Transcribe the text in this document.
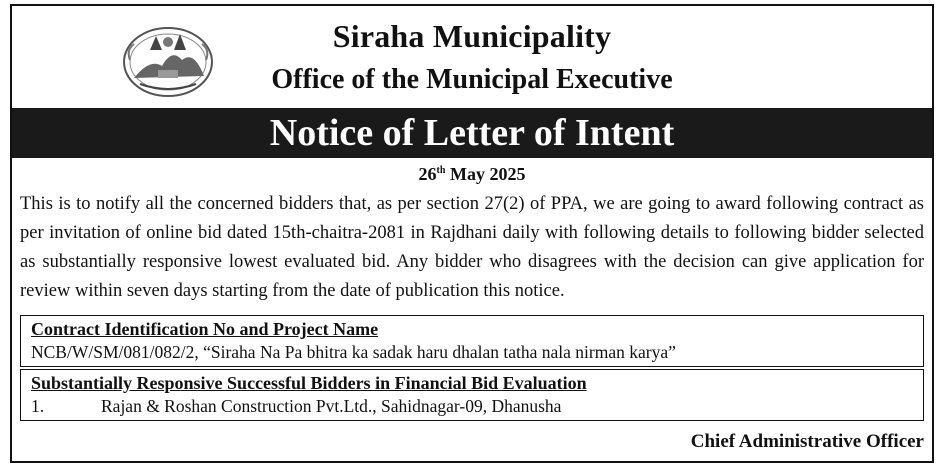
Siraha Municipality
Office of the Municipal Executive
Notice of Letter of Intent
26th May 2025
This is to notify all the concerned bidders that, as per section 27(2) of PPA, we are going to award following contract as per invitation of online bid dated 15th-chaitra-2081 in Rajdhani daily with following details to following bidder selected as substantially responsive lowest evaluated bid. Any bidder who disagrees with the decision can give application for review within seven days starting from the date of publication this notice.
Contract Identification No and Project Name
NCB/W/SM/081/082/2, “Siraha Na Pa bhitra ka sadak haru dhalan tatha nala nirman karya”
Substantially Responsive Successful Bidders in Financial Bid Evaluation
1.	Rajan & Roshan Construction Pvt.Ltd., Sahidnagar-09, Dhanusha
Chief Administrative Officer
